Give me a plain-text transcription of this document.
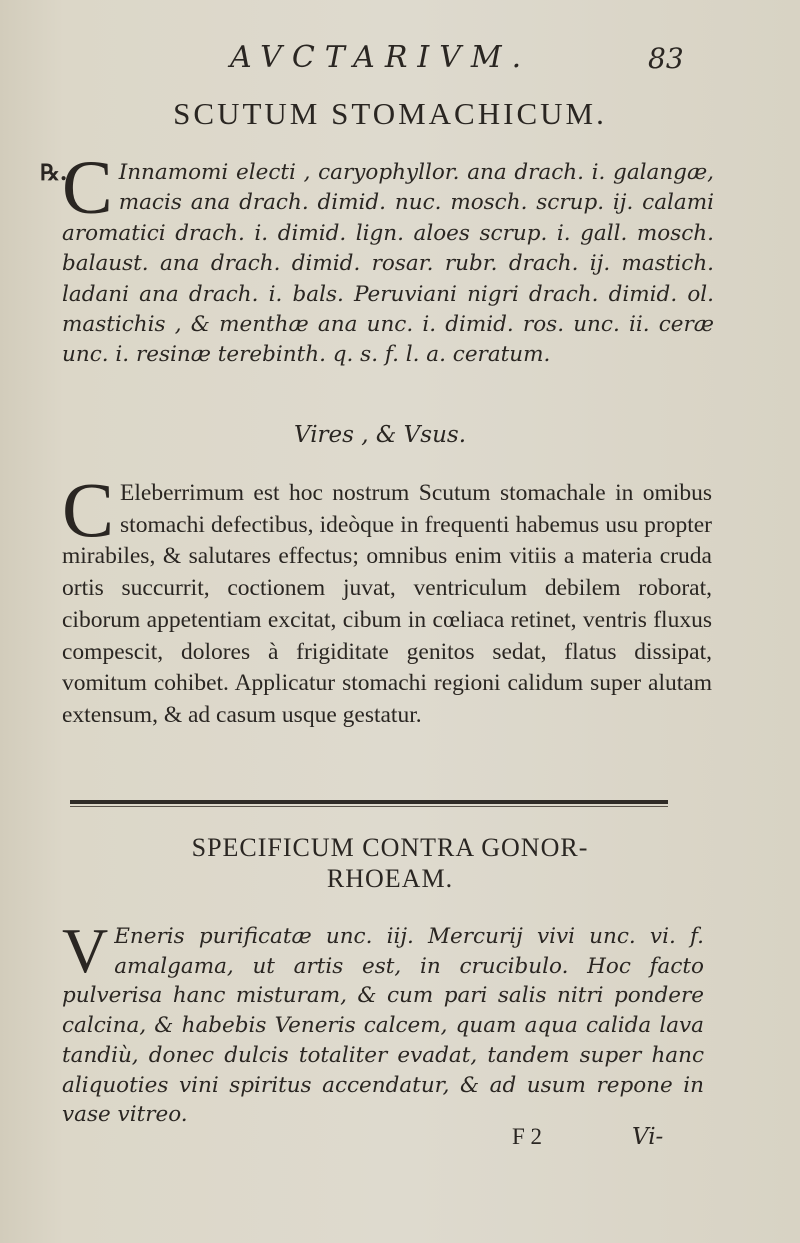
AVCTARIVM.	83
SCUTUM STOMACHICUM.
℞.

C Innamomi electi , caryophyllor. ana drach. i. galangæ, macis ana drach. dimid. nuc. mosch. scrup. ij. calami aromatici drach. i. dimid. lign. aloes scrup. i. gall. mosch. balaust. ana drach. dimid. rosar. rubr. drach. ij. mastich. ladani ana drach. i. bals. Peruviani nigri drach. dimid. ol. mastichis , & menthæ ana unc. i. dimid. ros. unc. ii. ceræ unc. i. resinæ terebinth. q. s. f. l. a. ceratum.

Vires , & Vsus.

C Eleberrimum est hoc nostrum Scutum stomachale in omibus stomachi defectibus, ideòque in frequenti habemus usu propter mirabiles, & salutares effectus; omnibus enim vitiis a materia cruda ortis succurrit, coctionem juvat, ventriculum debilem roborat, ciborum appetentiam excitat, cibum in cœliaca retinet, ventris fluxus compescit, dolores à frigiditate genitos sedat, flatus dissipat, vomitum cohibet. Applicatur stomachi regioni calidum super alutam extensum, & ad casum usque gestatur.

SPECIFICUM CONTRA GONOR-
RHOEAM.

V Eneris purificatæ unc. iij. Mercurij vivi unc. vi. f. amalgama, ut artis est, in crucibulo. Hoc facto pulverisa hanc misturam, & cum pari salis nitri pondere calcina, & habebis Veneris calcem, quam aqua calida lava tandiù, donec dulcis totaliter evadat, tandem super hanc aliquoties vini spiritus accendatur, & ad usum repone in vase vitreo.

F 2	Vi-
